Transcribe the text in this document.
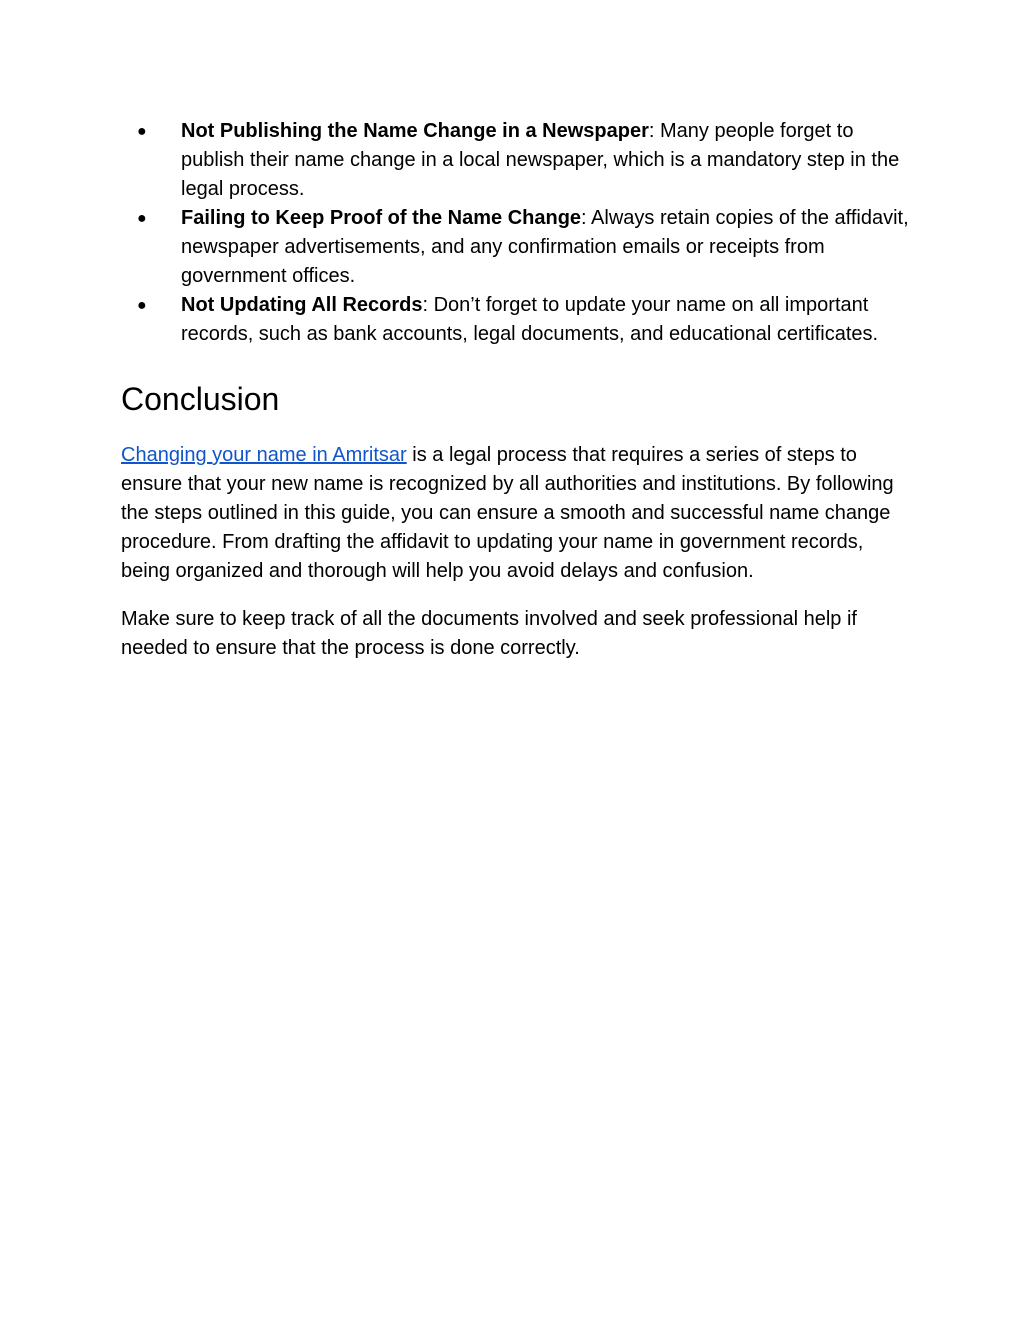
● Not Publishing the Name Change in a Newspaper: Many people forget to publish their name change in a local newspaper, which is a mandatory step in the legal process.
● Failing to Keep Proof of the Name Change: Always retain copies of the affidavit, newspaper advertisements, and any confirmation emails or receipts from government offices.
● Not Updating All Records: Don’t forget to update your name on all important records, such as bank accounts, legal documents, and educational certificates.
Conclusion

Changing your name in Amritsar is a legal process that requires a series of steps to ensure that your new name is recognized by all authorities and institutions. By following the steps outlined in this guide, you can ensure a smooth and successful name change procedure. From drafting the affidavit to updating your name in government records, being organized and thorough will help you avoid delays and confusion.

Make sure to keep track of all the documents involved and seek professional help if needed to ensure that the process is done correctly.
